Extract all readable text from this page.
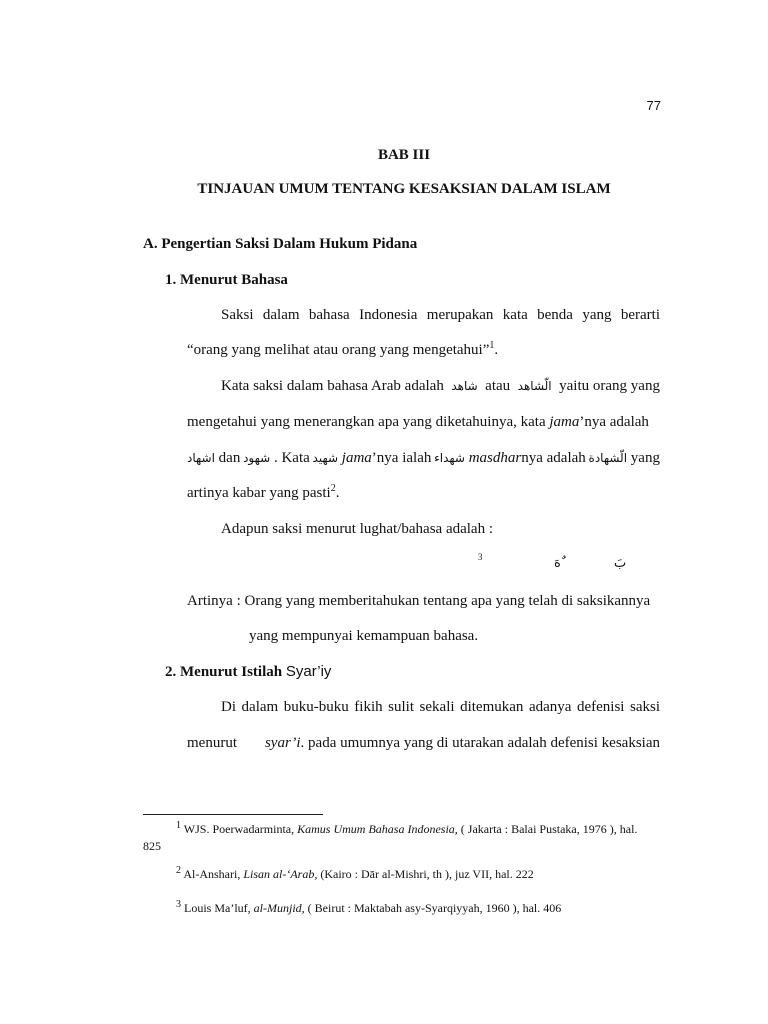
77
BAB III
TINJAUAN UMUM TENTANG KESAKSIAN DALAM ISLAM
A. Pengertian Saksi Dalam Hukum Pidana
1. Menurut Bahasa
Saksi dalam bahasa Indonesia merupakan kata benda yang berarti
“orang yang melihat atau orang yang mengetahui”$^1$.
Kata saksi dalam bahasa Arab adalah شاهد atau الّشاهد yaitu orang yang
mengetahui yang menerangkan apa yang diketahuinya, kata jama’nya adalah
اشهاد dan شهود . Kata شهيد jama’nya ialah شهداء masdharnya adalah الّشهادة yang
artinya kabar yang pasti$^2$.
Adapun saksi menurut lughat/bahasa adalah :
3	ٌهَ	بَ
Artinya : Orang yang memberitahukan tentang apa yang telah di saksikannya
yang mempunyai kemampuan bahasa.
2. Menurut Istilah Syar’iy
Di dalam buku-buku fikih sulit sekali ditemukan adanya defenisi saksi
menurut syar’i. pada umumnya yang di utarakan adalah defenisi kesaksian
$^1$ WJS. Poerwadarminta, Kamus Umum Bahasa Indonesia, ( Jakarta : Balai Pustaka, 1976 ), hal.
825
$^2$ Al-Anshari, Lisan al-‘Arab, (Kairo : Dār al-Mishri, th ), juz VII, hal. 222
$^3$ Louis Ma’luf, al-Munjid, ( Beirut : Maktabah asy-Syarqiyyah, 1960 ), hal. 406
